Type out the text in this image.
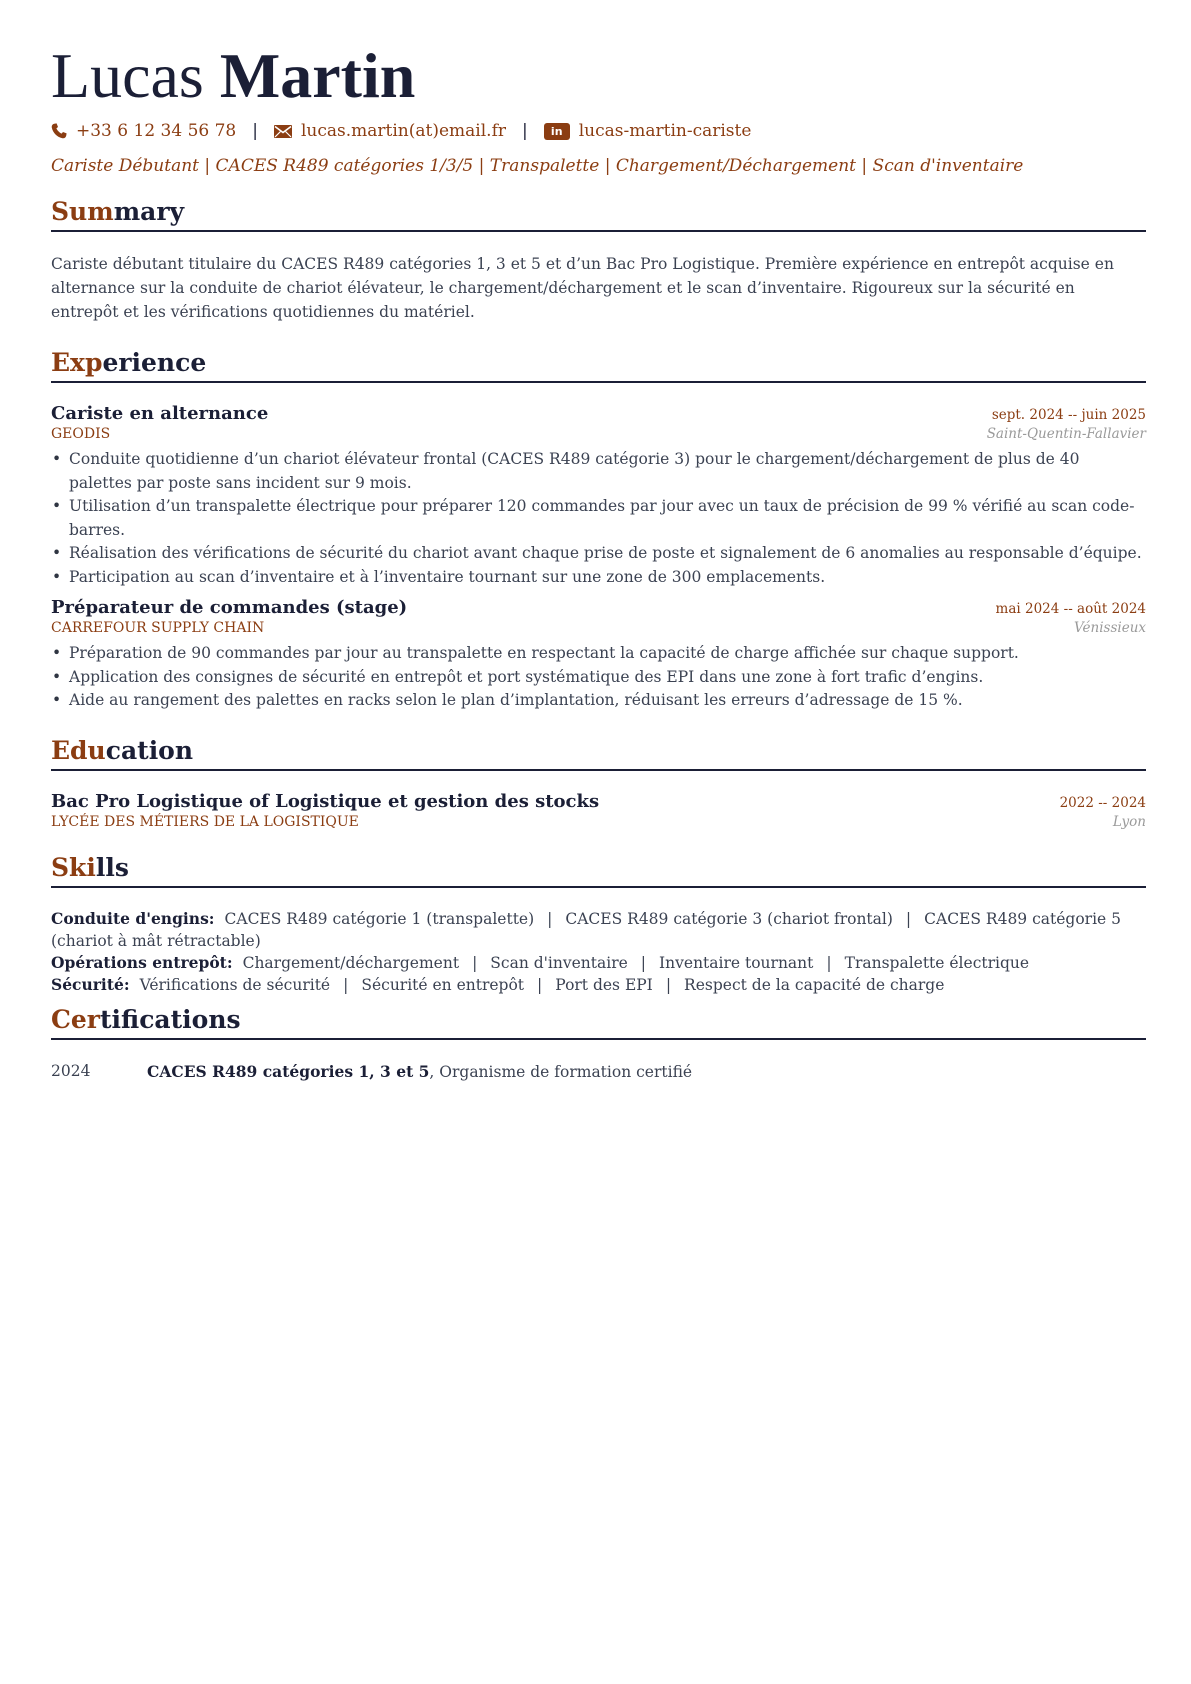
Lucas Martin
+33 6 12 34 56 78 |	lucas.martin(at)email.fr |	in lucas-martin-cariste
Cariste Débutant | CACES R489 catégories 1/3/5 | Transpalette | Chargement/Déchargement | Scan d'inventaire
Summary
Cariste débutant titulaire du CACES R489 catégories 1, 3 et 5 et d’un Bac Pro Logistique. Première expérience en entrepôt acquise en alternance sur la conduite de chariot élévateur, le chargement/déchargement et le scan d’inventaire. Rigoureux sur la sécurité en entrepôt et les vérifications quotidiennes du matériel.
Experience
Cariste en alternance	sept. 2024 -- juin 2025
GEODIS	Saint-Quentin-Fallavier
• Conduite quotidienne d’un chariot élévateur frontal (CACES R489 catégorie 3) pour le chargement/déchargement de plus de 40 palettes par poste sans incident sur 9 mois.
• Utilisation d’un transpalette électrique pour préparer 120 commandes par jour avec un taux de précision de 99 % vérifié au scan code-barres.
• Réalisation des vérifications de sécurité du chariot avant chaque prise de poste et signalement de 6 anomalies au responsable d’équipe.
• Participation au scan d’inventaire et à l’inventaire tournant sur une zone de 300 emplacements.
Préparateur de commandes (stage)	mai 2024 -- août 2024
CARREFOUR SUPPLY CHAIN	Vénissieux
• Préparation de 90 commandes par jour au transpalette en respectant la capacité de charge affichée sur chaque support.
• Application des consignes de sécurité en entrepôt et port systématique des EPI dans une zone à fort trafic d’engins.
• Aide au rangement des palettes en racks selon le plan d’implantation, réduisant les erreurs d’adressage de 15 %.
Education
Bac Pro Logistique of Logistique et gestion des stocks	2022 -- 2024
LYCÉE DES MÉTIERS DE LA LOGISTIQUE	Lyon
Skills
Conduite d'engins: CACES R489 catégorie 1 (transpalette) | CACES R489 catégorie 3 (chariot frontal) | CACES R489 catégorie 5 (chariot à mât rétractable)
Opérations entrepôt: Chargement/déchargement | Scan d'inventaire | Inventaire tournant | Transpalette électrique
Sécurité: Vérifications de sécurité | Sécurité en entrepôt | Port des EPI | Respect de la capacité de charge
Certifications
2024	CACES R489 catégories 1, 3 et 5, Organisme de formation certifié
